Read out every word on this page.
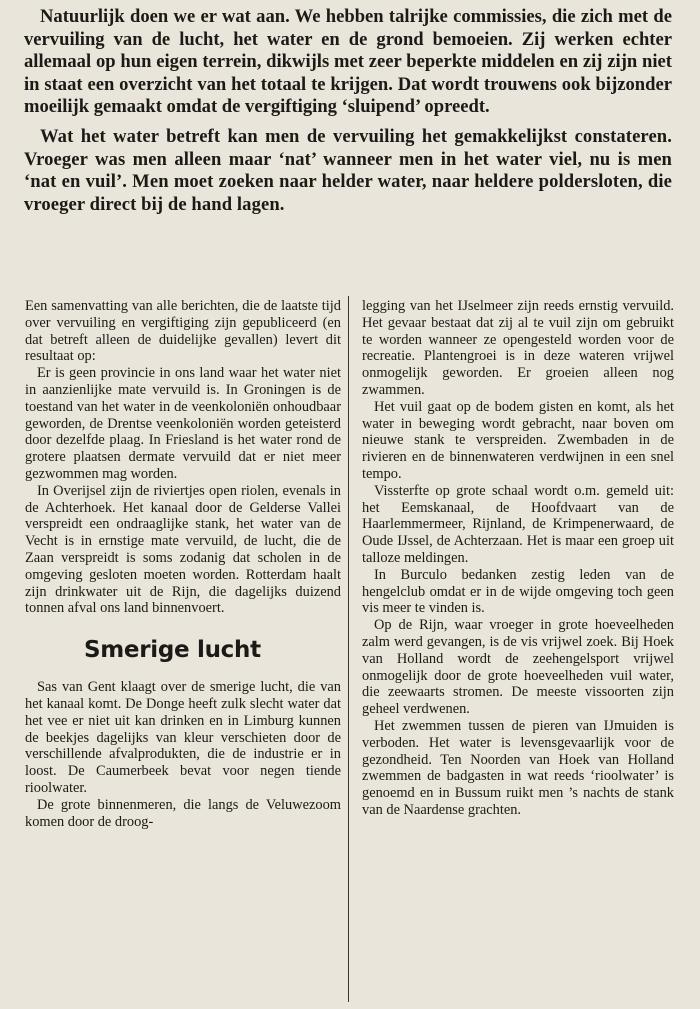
Natuurlijk doen we er wat aan. We hebben talrijke commissies, die zich met de vervuiling van de lucht, het water en de grond bemoeien. Zij werken echter allemaal op hun eigen terrein, dikwijls met zeer beperkte middelen en zij zijn niet in staat een overzicht van het totaal te krijgen. Dat wordt trouwens ook bijzonder moeilijk gemaakt omdat de vergiftiging ‘sluipend’ opreedt.

Wat het water betreft kan men de vervuiling het gemakkelijkst constateren. Vroeger was men alleen maar ‘nat’ wanneer men in het water viel, nu is men ‘nat en vuil’. Men moet zoeken naar helder water, naar heldere poldersloten, die vroeger direct bij de hand lagen.

Een samenvatting van alle berichten, die de laatste tijd over vervuiling en vergiftiging zijn gepubliceerd (en dat betreft alleen de duidelijke gevallen) levert dit resultaat op:

Er is geen provincie in ons land waar het water niet in aanzienlijke mate vervuild is. In Groningen is de toestand van het water in de veenkoloniën onhoudbaar geworden, de Drentse veenkoloniën worden geteisterd door dezelfde plaag. In Friesland is het water rond de grotere plaatsen dermate vervuild dat er niet meer gezwommen mag worden.

In Overijsel zijn de riviertjes open riolen, evenals in de Achterhoek. Het kanaal door de Gelderse Vallei verspreidt een ondraaglijke stank, het water van de Vecht is in ernstige mate vervuild, de lucht, die de Zaan verspreidt is soms zodanig dat scholen in de omgeving gesloten moeten worden. Rotterdam haalt zijn drinkwater uit de Rijn, die dagelijks duizend tonnen afval ons land binnenvoert.

Smerige lucht

Sas van Gent klaagt over de smerige lucht, die van het kanaal komt. De Donge heeft zulk slecht water dat het vee er niet uit kan drinken en in Limburg kunnen de beekjes dagelijks van kleur verschieten door de verschillende afvalprodukten, die de industrie er in loost. De Caumerbeek bevat voor negen tiende rioolwater.

De grote binnenmeren, die langs de Veluwezoom komen door de droog-

legging van het IJselmeer zijn reeds ernstig vervuild. Het gevaar bestaat dat zij al te vuil zijn om gebruikt te worden wanneer ze opengesteld worden voor de recreatie. Plantengroei is in deze wateren vrijwel onmogelijk geworden. Er groeien alleen nog zwammen.

Het vuil gaat op de bodem gisten en komt, als het water in beweging wordt gebracht, naar boven om nieuwe stank te verspreiden. Zwembaden in de rivieren en de binnenwateren verdwijnen in een snel tempo.

Vissterfte op grote schaal wordt o.m. gemeld uit: het Eemskanaal, de Hoofdvaart van de Haarlemmermeer, Rijnland, de Krimpenerwaard, de Oude IJssel, de Achterzaan. Het is maar een groep uit talloze meldingen.

In Burculo bedanken zestig leden van de hengelclub omdat er in de wijde omgeving toch geen vis meer te vinden is.

Op de Rijn, waar vroeger in grote hoeveelheden zalm werd gevangen, is de vis vrijwel zoek. Bij Hoek van Holland wordt de zeehengelsport vrijwel onmogelijk door de grote hoeveelheden vuil water, die zeewaarts stromen. De meeste vissoorten zijn geheel verdwenen.

Het zwemmen tussen de pieren van IJmuiden is verboden. Het water is levensgevaarlijk voor de gezondheid. Ten Noorden van Hoek van Holland zwemmen de badgasten in wat reeds ‘rioolwater’ is genoemd en in Bussum ruikt men ’s nachts de stank van de Naardense grachten.
